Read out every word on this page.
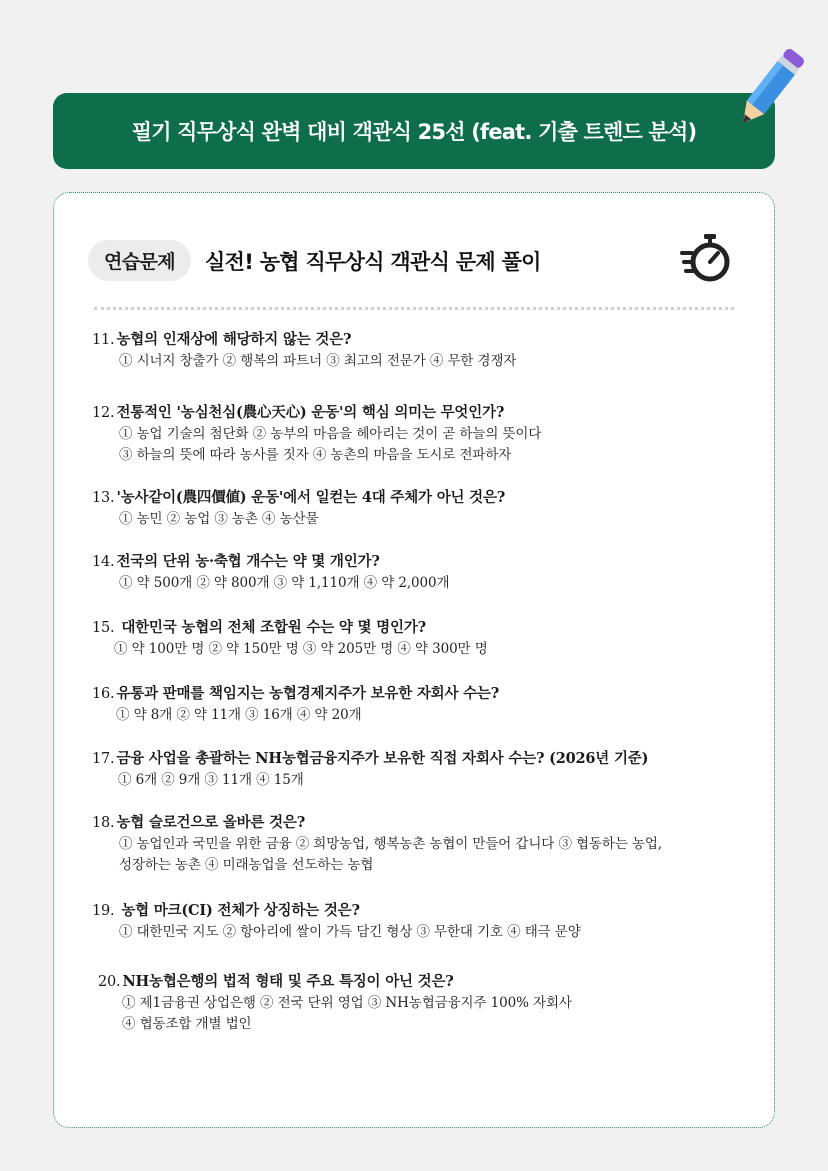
필기 직무상식 완벽 대비 객관식 25선 (feat. 기출 트렌드 분석)
연습문제	실전! 농협 직무상식 객관식 문제 풀이
11. 농협의 인재상에 해당하지 않는 것은?
① 시너지 창출가 ② 행복의 파트너 ③ 최고의 전문가 ④ 무한 경쟁자
12. 전통적인 '농심천심(農心天心) 운동'의 핵심 의미는 무엇인가?
① 농업 기술의 첨단화 ② 농부의 마음을 헤아리는 것이 곧 하늘의 뜻이다
③ 하늘의 뜻에 따라 농사를 짓자 ④ 농촌의 마음을 도시로 전파하자
13. '농사같이(農四價値) 운동'에서 일컫는 4대 주체가 아닌 것은?
① 농민 ② 농업 ③ 농촌 ④ 농산물
14. 전국의 단위 농·축협 개수는 약 몇 개인가?
① 약 500개 ② 약 800개 ③ 약 1,110개 ④ 약 2,000개
15. 대한민국 농협의 전체 조합원 수는 약 몇 명인가?
① 약 100만 명 ② 약 150만 명 ③ 약 205만 명 ④ 약 300만 명
16. 유통과 판매를 책임지는 농협경제지주가 보유한 자회사 수는?
① 약 8개 ② 약 11개 ③ 16개 ④ 약 20개
17. 금융 사업을 총괄하는 NH농협금융지주가 보유한 직접 자회사 수는? (2026년 기준)
① 6개 ② 9개 ③ 11개 ④ 15개
18. 농협 슬로건으로 올바른 것은?
① 농업인과 국민을 위한 금융 ② 희망농업, 행복농촌 농협이 만들어 갑니다 ③ 협동하는 농업,
성장하는 농촌 ④ 미래농업을 선도하는 농협
19. 농협 마크(CI) 전체가 상징하는 것은?
① 대한민국 지도 ② 항아리에 쌀이 가득 담긴 형상 ③ 무한대 기호 ④ 태극 문양
20. NH농협은행의 법적 형태 및 주요 특징이 아닌 것은?
① 제1금융권 상업은행 ② 전국 단위 영업 ③ NH농협금융지주 100% 자회사
④ 협동조합 개별 법인
